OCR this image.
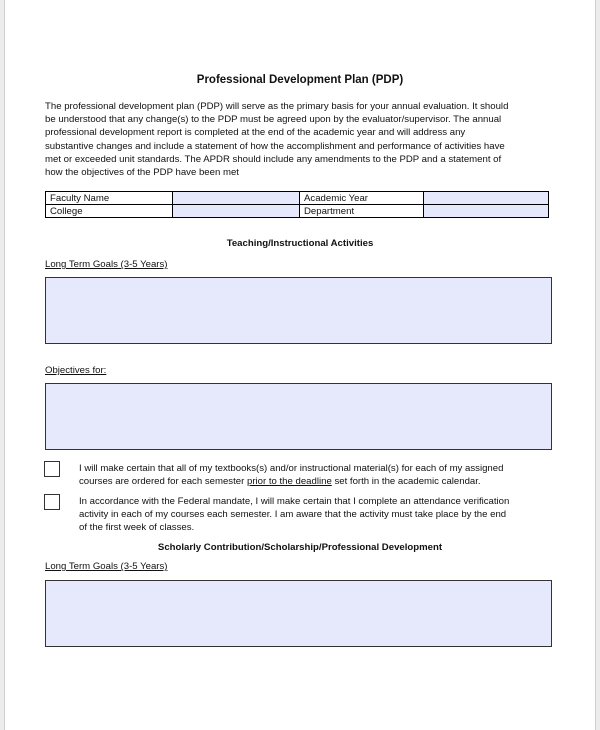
Professional Development Plan (PDP)
The professional development plan (PDP) will serve as the primary basis for your annual evaluation. It should
be understood that any change(s) to the PDP must be agreed upon by the evaluator/supervisor. The annual
professional development report is completed at the end of the academic year and will address any
substantive changes and include a statement of how the accomplishment and performance of activities have
met or exceeded unit standards. The APDR should include any amendments to the PDP and a statement of
how the objectives of the PDP have been met
Faculty Name		Academic Year	
College		Department	
Teaching/Instructional Activities
Long Term Goals (3-5 Years)
Objectives for:
I will make certain that all of my textbooks(s) and/or instructional material(s) for each of my assigned
courses are ordered for each semester prior to the deadline set forth in the academic calendar.
In accordance with the Federal mandate, I will make certain that I complete an attendance verification
activity in each of my courses each semester. I am aware that the activity must take place by the end
of the first week of classes.
Scholarly Contribution/Scholarship/Professional Development
Long Term Goals (3-5 Years)
